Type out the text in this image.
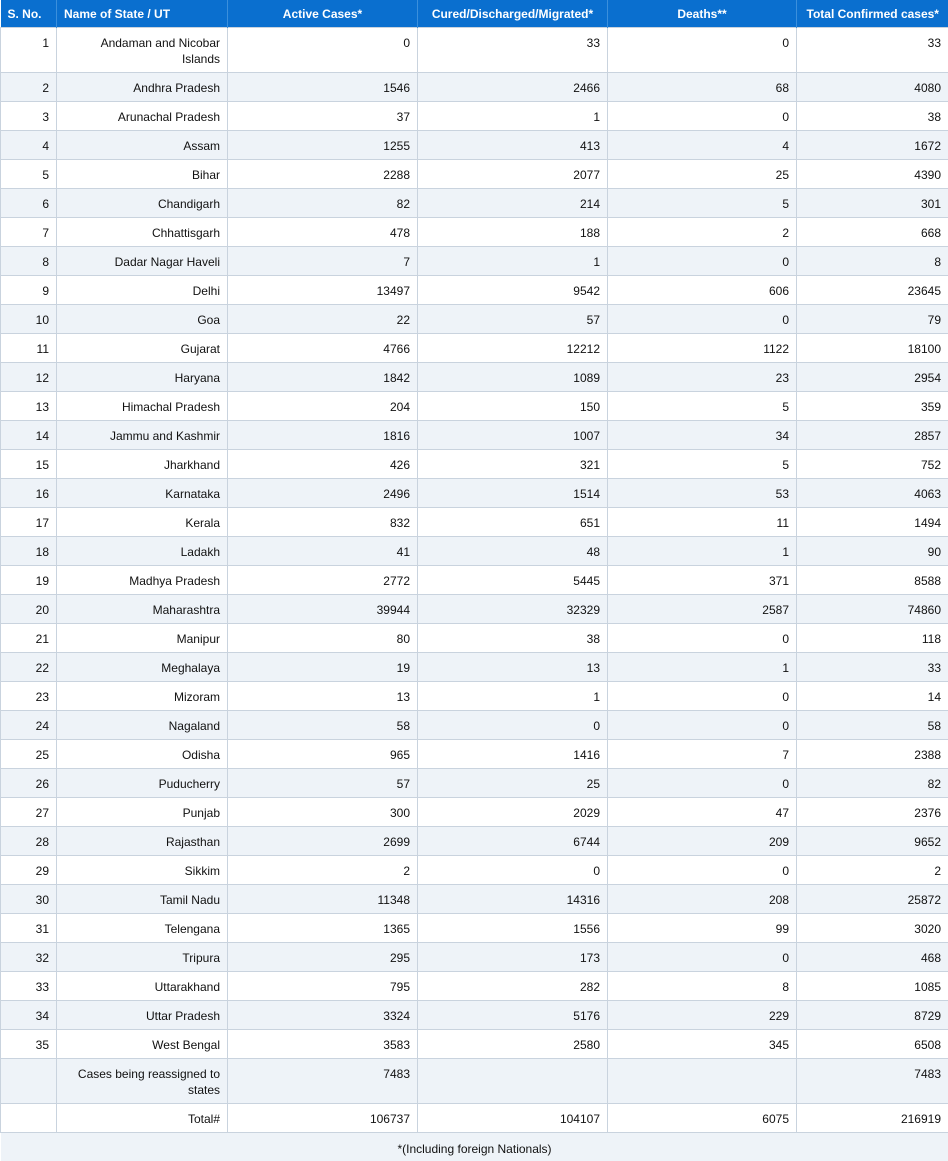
S. No.	Name of State / UT	Active Cases*	Cured/Discharged/Migrated*	Deaths**	Total Confirmed cases*
1	Andaman and Nicobar Islands	0	33	0	33
2	Andhra Pradesh	1546	2466	68	4080
3	Arunachal Pradesh	37	1	0	38
4	Assam	1255	413	4	1672
5	Bihar	2288	2077	25	4390
6	Chandigarh	82	214	5	301
7	Chhattisgarh	478	188	2	668
8	Dadar Nagar Haveli	7	1	0	8
9	Delhi	13497	9542	606	23645
10	Goa	22	57	0	79
11	Gujarat	4766	12212	1122	18100
12	Haryana	1842	1089	23	2954
13	Himachal Pradesh	204	150	5	359
14	Jammu and Kashmir	1816	1007	34	2857
15	Jharkhand	426	321	5	752
16	Karnataka	2496	1514	53	4063
17	Kerala	832	651	11	1494
18	Ladakh	41	48	1	90
19	Madhya Pradesh	2772	5445	371	8588
20	Maharashtra	39944	32329	2587	74860
21	Manipur	80	38	0	118
22	Meghalaya	19	13	1	33
23	Mizoram	13	1	0	14
24	Nagaland	58	0	0	58
25	Odisha	965	1416	7	2388
26	Puducherry	57	25	0	82
27	Punjab	300	2029	47	2376
28	Rajasthan	2699	6744	209	9652
29	Sikkim	2	0	0	2
30	Tamil Nadu	11348	14316	208	25872
31	Telengana	1365	1556	99	3020
32	Tripura	295	173	0	468
33	Uttarakhand	795	282	8	1085
34	Uttar Pradesh	3324	5176	229	8729
35	West Bengal	3583	2580	345	6508
	Cases being reassigned to states	7483			7483
	Total#	106737	104107	6075	216919
*(Including foreign Nationals)					
